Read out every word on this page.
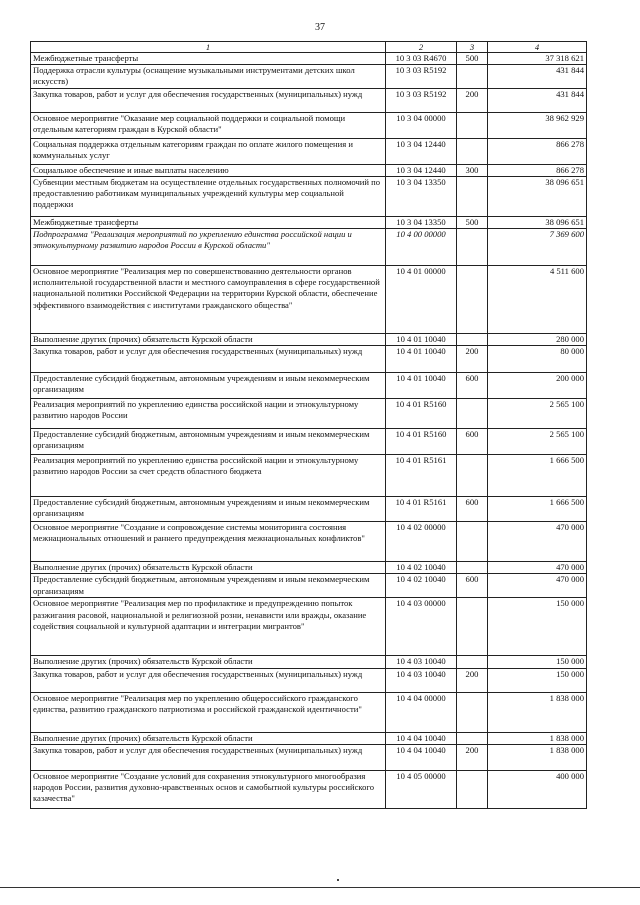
37
1	2	3	4
Межбюджетные трансферты	10 3 03 R4670	500	37 318 621
Поддержка отрасли культуры (оснащение музыкальными инструментами детских школ искусств)	10 3 03 R5192		431 844
Закупка товаров, работ и услуг для обеспечения государственных (муниципальных) нужд	10 3 03 R5192	200	431 844
Основное мероприятие "Оказание мер социальной поддержки и социальной помощи отдельным категориям граждан в Курской области"	10 3 04 00000		38 962 929
Социальная поддержка отдельным категориям граждан по оплате жилого помещения и коммунальных услуг	10 3 04 12440		866 278
Социальное обеспечение и иные выплаты населению	10 3 04 12440	300	866 278
Субвенции местным бюджетам на осуществление отдельных государственных полномочий по предоставлению работникам муниципальных учреждений культуры мер социальной поддержки	10 3 04 13350		38 096 651
Межбюджетные трансферты	10 3 04 13350	500	38 096 651
Подпрограмма "Реализация мероприятий по укреплению единства российской нации и этнокультурному развитию народов России в Курской области"	10 4 00 00000		7 369 600
Основное мероприятие "Реализация мер по совершенствованию деятельности органов исполнительной государственной власти и местного самоуправления в сфере государственной национальной политики Российской Федерации на территории Курской области, обеспечение эффективного взаимодействия с институтами гражданского общества"	10 4 01 00000		4 511 600
Выполнение других (прочих) обязательств Курской области	10 4 01 10040		280 000
Закупка товаров, работ и услуг для обеспечения государственных (муниципальных) нужд	10 4 01 10040	200	80 000
Предоставление субсидий бюджетным, автономным учреждениям и иным некоммерческим организациям	10 4 01 10040	600	200 000
Реализация мероприятий по укреплению единства российской нации и этнокультурному развитию народов России	10 4 01 R5160		2 565 100
Предоставление субсидий бюджетным, автономным учреждениям и иным некоммерческим организациям	10 4 01 R5160	600	2 565 100
Реализация мероприятий по укреплению единства российской нации и этнокультурному развитию народов России за счет средств областного бюджета	10 4 01 R5161		1 666 500
Предоставление субсидий бюджетным, автономным учреждениям и иным некоммерческим организациям	10 4 01 R5161	600	1 666 500
Основное мероприятие "Создание и сопровождение системы мониторинга состояния межнациональных отношений и раннего предупреждения межнациональных конфликтов"	10 4 02 00000		470 000
Выполнение других (прочих) обязательств Курской области	10 4 02 10040		470 000
Предоставление субсидий бюджетным, автономным учреждениям и иным некоммерческим организациям	10 4 02 10040	600	470 000
Основное мероприятие "Реализация мер по профилактике и предупреждению попыток разжигания расовой, национальной и религиозной розни, ненависти или вражды, оказание содействия социальной и культурной адаптации и интеграции мигрантов"	10 4 03 00000		150 000
Выполнение других (прочих) обязательств Курской области	10 4 03 10040		150 000
Закупка товаров, работ и услуг для обеспечения государственных (муниципальных) нужд	10 4 03 10040	200	150 000
Основное мероприятие "Реализация мер по укреплению общероссийского гражданского единства, развитию гражданского патриотизма и российской гражданской идентичности"	10 4 04 00000		1 838 000
Выполнение других (прочих) обязательств Курской области	10 4 04 10040		1 838 000
Закупка товаров, работ и услуг для обеспечения государственных (муниципальных) нужд	10 4 04 10040	200	1 838 000
Основное мероприятие "Создание условий для сохранения этнокультурного многообразия народов России, развития духовно-нравственных основ и самобытной культуры российского казачества"	10 4 05 00000		400 000
